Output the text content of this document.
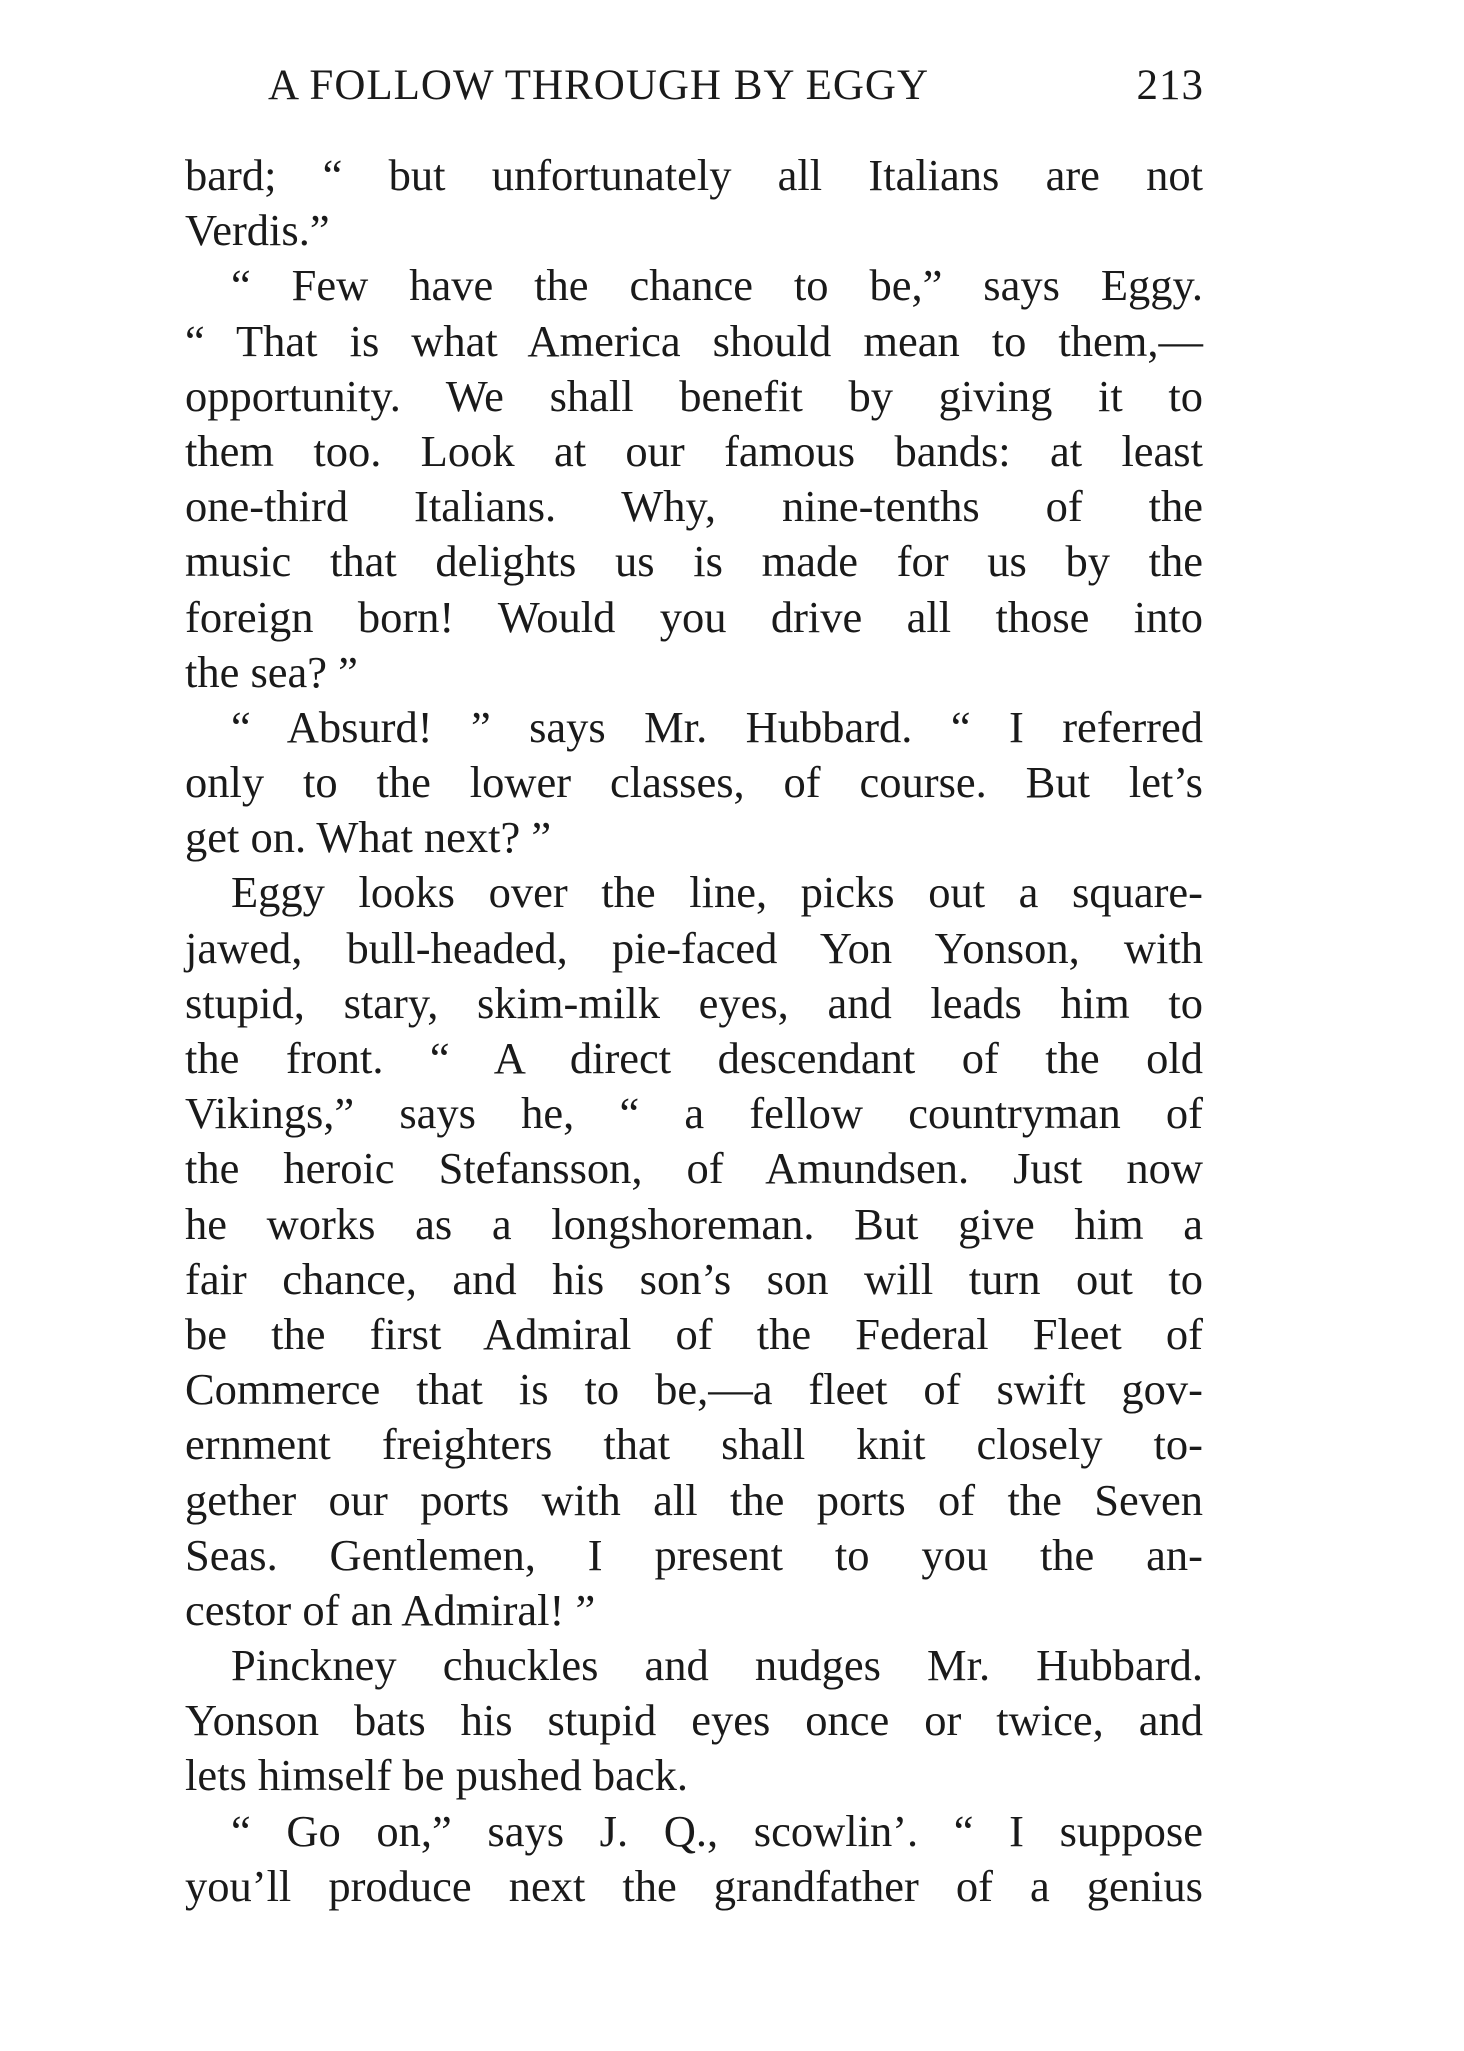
A FOLLOW THROUGH BY EGGY	213
bard; “ but unfortunately all Italians are not
Verdis.”
“ Few have the chance to be,” says Eggy.
“ That is what America should mean to them,—
opportunity. We shall benefit by giving it to
them too. Look at our famous bands: at least
one-third Italians. Why, nine-tenths of the
music that delights us is made for us by the
foreign born! Would you drive all those into
the sea? ”
“ Absurd! ” says Mr. Hubbard. “ I referred
only to the lower classes, of course. But let’s
get on. What next? ”
Eggy looks over the line, picks out a square-
jawed, bull-headed, pie-faced Yon Yonson, with
stupid, stary, skim-milk eyes, and leads him to
the front. “ A direct descendant of the old
Vikings,” says he, “ a fellow countryman of
the heroic Stefansson, of Amundsen. Just now
he works as a longshoreman. But give him a
fair chance, and his son’s son will turn out to
be the first Admiral of the Federal Fleet of
Commerce that is to be,—a fleet of swift gov-
ernment freighters that shall knit closely to-
gether our ports with all the ports of the Seven
Seas. Gentlemen, I present to you the an-
cestor of an Admiral! ”
Pinckney chuckles and nudges Mr. Hubbard.
Yonson bats his stupid eyes once or twice, and
lets himself be pushed back.
“ Go on,” says J. Q., scowlin’. “ I suppose
you’ll produce next the grandfather of a genius
